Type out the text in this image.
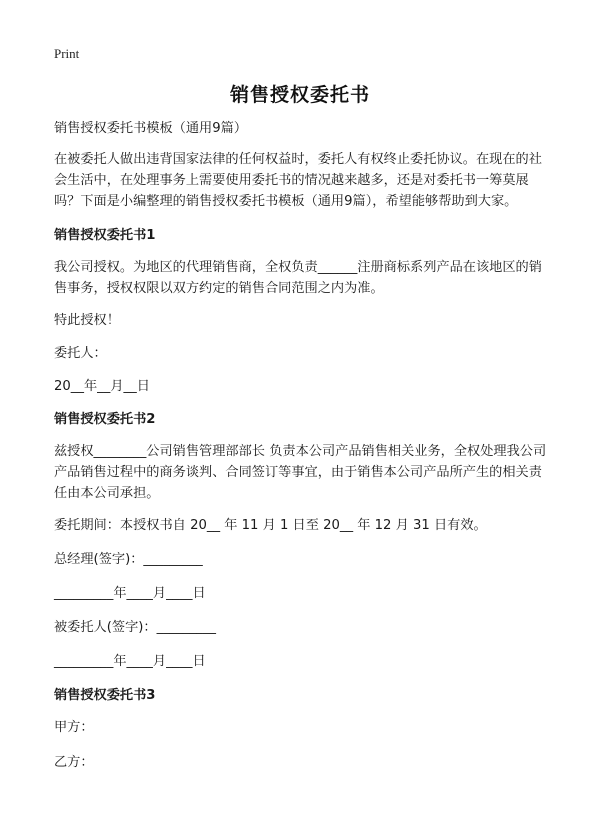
Print
销售授权委托书

销售授权委托书模板（通用9篇）

在被委托人做出违背国家法律的任何权益时，委托人有权终止委托协议。在现在的社会生活中，在处理事务上需要使用委托书的情况越来越多，还是对委托书一筹莫展吗？下面是小编整理的销售授权委托书模板（通用9篇），希望能够帮助到大家。

销售授权委托书1

我公司授权。为地区的代理销售商，全权负责______注册商标系列产品在该地区的销售事务，授权权限以双方约定的销售合同范围之内为准。

特此授权！

委托人：

20__年__月__日

销售授权委托书2

兹授权________公司销售管理部部长 负责本公司产品销售相关业务，全权处理我公司产品销售过程中的商务谈判、合同签订等事宜，由于销售本公司产品所产生的相关责任由本公司承担。

委托期间：本授权书自 20__ 年 11 月 1 日至 20__ 年 12 月 31 日有效。

总经理(签字)：_________

_________年____月____日

被委托人(签字)：_________

_________年____月____日

销售授权委托书3

甲方：

乙方：
